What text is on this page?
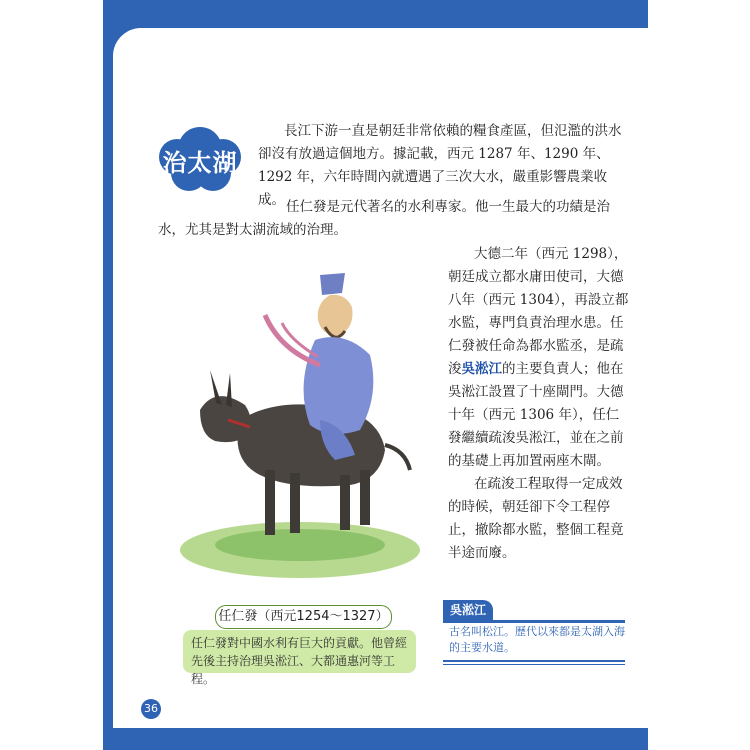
治太湖

長江下游一直是朝廷非常依賴的糧食產區，但氾濫的洪水卻沒有放過這個地方。據記載，西元 1287 年、1290 年、1292 年，六年時間內就遭遇了三次大水，嚴重影響農業收成。 任仁發是元代著名的水利專家。他一生最大的功績是治水，尤其是對太湖流域的治理。

大德二年（西元 1298），朝廷成立都水庸田使司，大德八年（西元 1304），再設立都水監，專門負責治理水患。任仁發被任命為都水監丞，是疏浚吳淞江的主要負責人；他在吳淞江設置了十座閘門。大德十年（西元 1306 年），任仁發繼續疏浚吳淞江，並在之前的基礎上再加置兩座木閘。

在疏浚工程取得一定成效的時候，朝廷卻下令工程停止，撤除都水監，整個工程竟半途而廢。

任仁發（西元1254～1327）
任仁發對中國水利有巨大的貢獻。他曾經先後主持治理吳淞江、大都通惠河等工程。
吳淞江

古名叫松江。歷代以來都是太湖入海的主要水道。

36
